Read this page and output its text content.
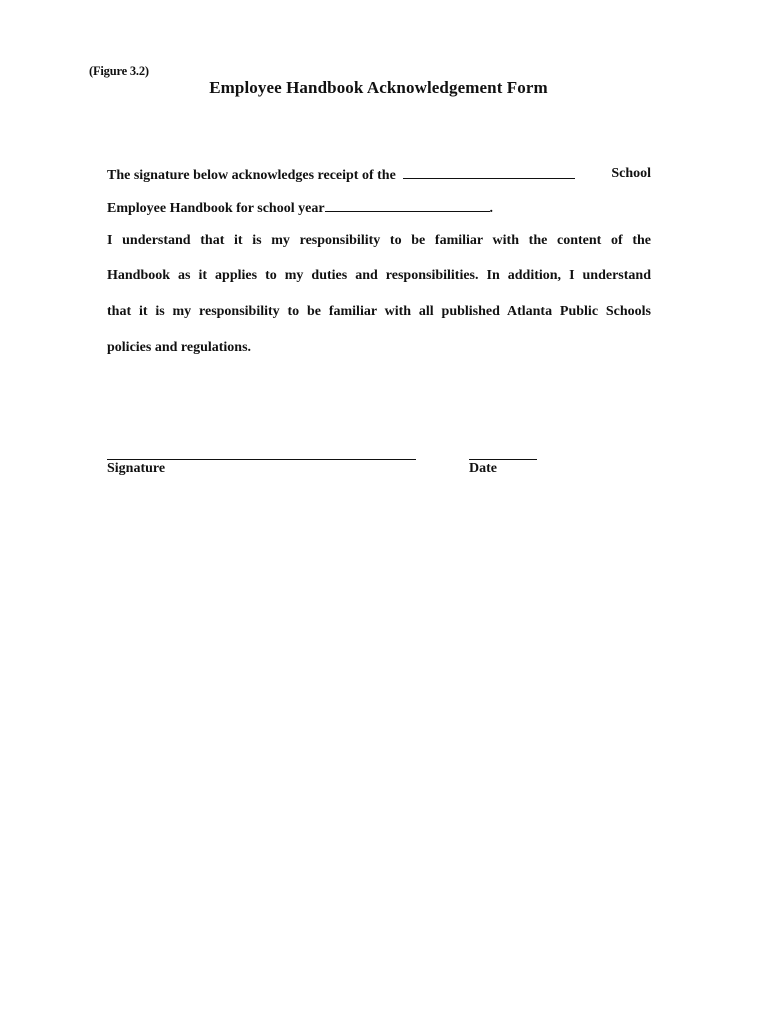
(Figure 3.2)
Employee Handbook Acknowledgement Form
The signature below acknowledges receipt of the	School
Employee Handbook for school year	.
I understand that it is my responsibility to be familiar with the content of the
Handbook as it applies to my duties and responsibilities. In addition, I understand
that it is my responsibility to be familiar with all published Atlanta Public Schools
policies and regulations.
Signature	Date
